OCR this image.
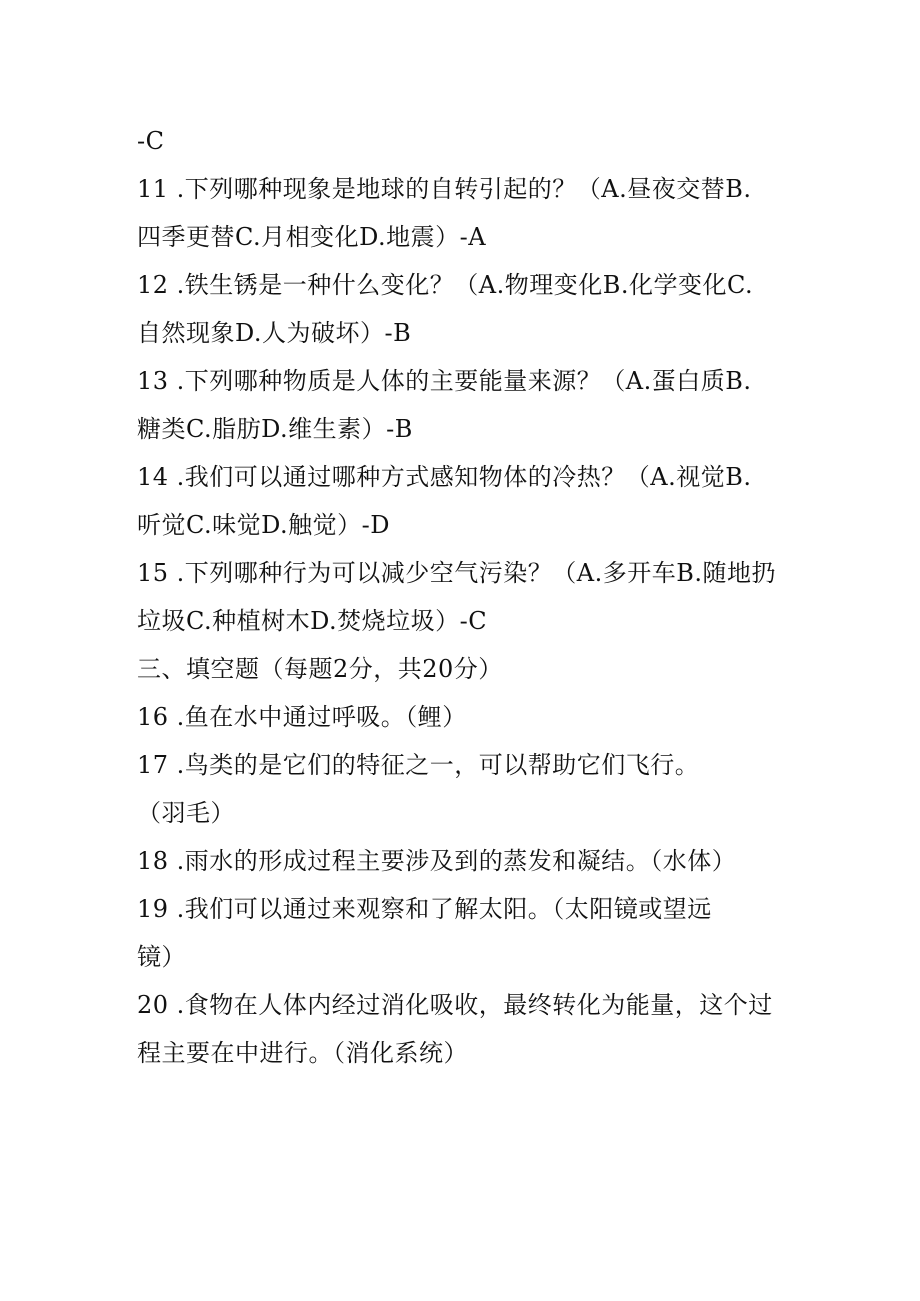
-C
11 .下列哪种现象是地球的自转引起的？（A.昼夜交替B.
四季更替C.月相变化D.地震）-A
12 .铁生锈是一种什么变化？（A.物理变化B.化学变化C.
自然现象D.人为破坏）-B
13 .下列哪种物质是人体的主要能量来源？（A.蛋白质B.
糖类C.脂肪D.维生素）-B
14 .我们可以通过哪种方式感知物体的冷热？（A.视觉B.
听觉C.味觉D.触觉）-D
15 .下列哪种行为可以减少空气污染？（A.多开车B.随地扔
垃圾C.种植树木D.焚烧垃圾）-C
三、填空题（每题2分，共20分）
16 .鱼在水中通过呼吸。（鲤）
17 .鸟类的是它们的特征之一，可以帮助它们飞行。
（羽毛）
18 .雨水的形成过程主要涉及到的蒸发和凝结。（水体）
19 .我们可以通过来观察和了解太阳。（太阳镜或望远
镜）
20 .食物在人体内经过消化吸收，最终转化为能量，这个过
程主要在中进行。（消化系统）
